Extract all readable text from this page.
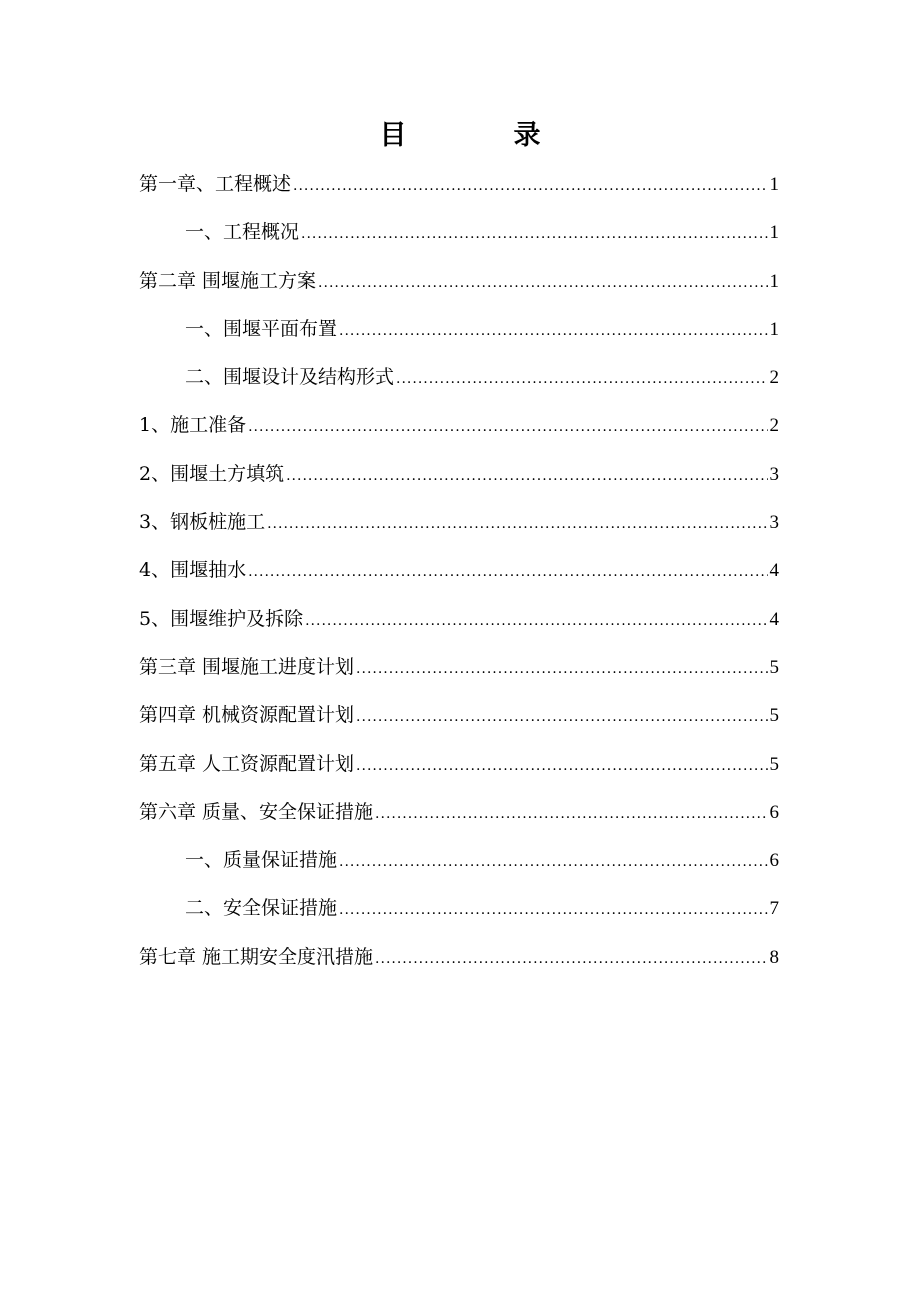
目　录
第一章、工程概述 .....	1
一、工程概况 .....	1
第二章 围堰施工方案 .....	1
一、围堰平面布置 .....	1
二、围堰设计及结构形式 .....	2
1、施工准备 .....	2
2、围堰土方填筑 .....	3
3、钢板桩施工 .....	3
4、围堰抽水 .....	4
5、围堰维护及拆除 .....	4
第三章 围堰施工进度计划 .....	5
第四章 机械资源配置计划 .....	5
第五章 人工资源配置计划 .....	5
第六章 质量、安全保证措施 .....	6
一、质量保证措施 .....	6
二、安全保证措施 .....	7
第七章 施工期安全度汛措施 .....	8
